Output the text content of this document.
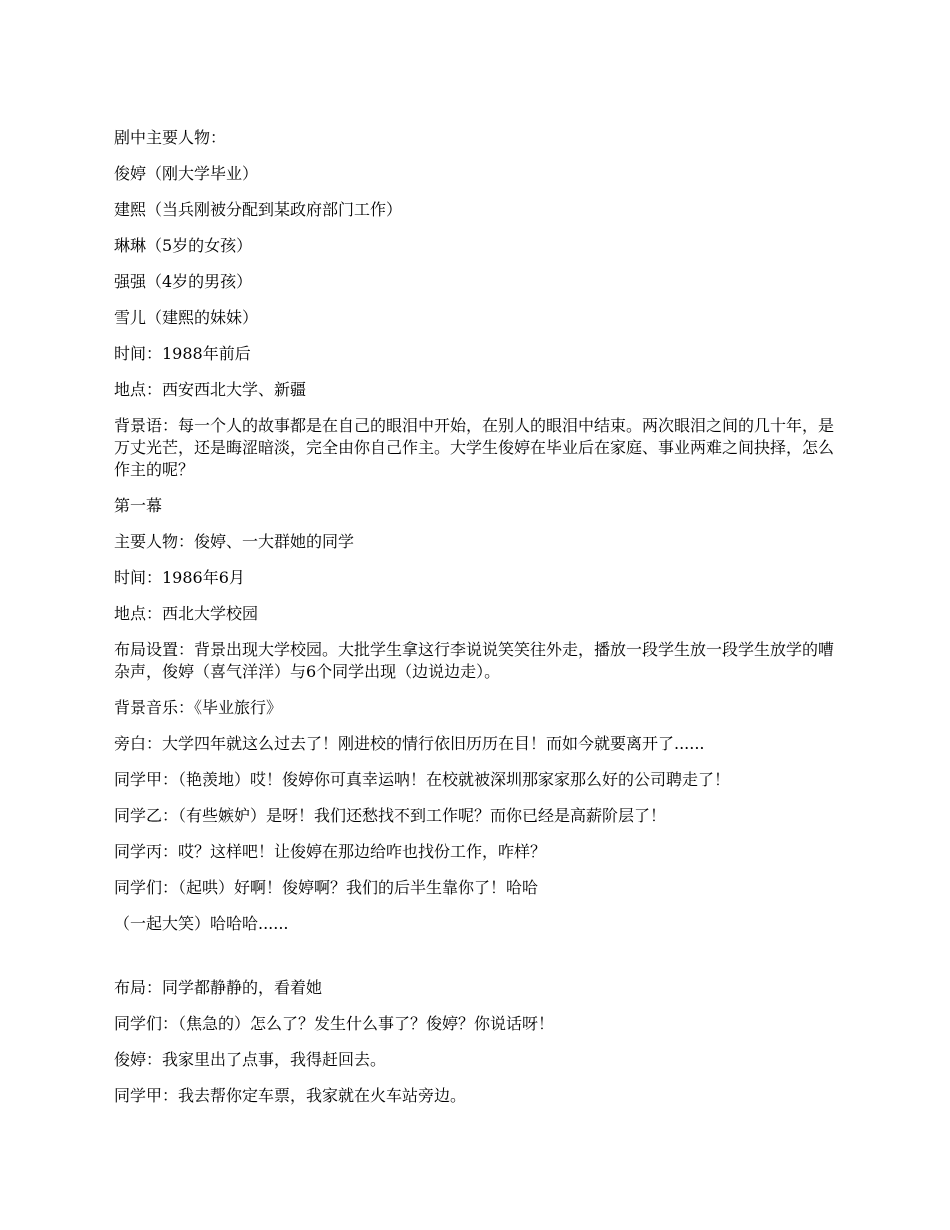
剧中主要人物：

俊婷（刚大学毕业）

建熙（当兵刚被分配到某政府部门工作）

琳琳（5岁的女孩）

强强（4岁的男孩）

雪儿（建熙的妹妹）

时间：1988年前后

地点：西安西北大学、新疆

背景语：每一个人的故事都是在自己的眼泪中开始，在别人的眼泪中结束。两次眼泪之间的几十年，是万丈光芒，还是晦涩暗淡，完全由你自己作主。大学生俊婷在毕业后在家庭、事业两难之间抉择，怎么作主的呢？

第一幕

主要人物：俊婷、一大群她的同学

时间：1986年6月

地点：西北大学校园

布局设置：背景出现大学校园。大批学生拿这行李说说笑笑往外走，播放一段学生放一段学生放学的嘈杂声，俊婷（喜气洋洋）与6个同学出现（边说边走）。

背景音乐：《毕业旅行》

旁白：大学四年就这么过去了！刚进校的情行依旧历历在目！而如今就要离开了......

同学甲：（艳羡地）哎！俊婷你可真幸运呐！在校就被深圳那家家那么好的公司聘走了！

同学乙：（有些嫉妒）是呀！我们还愁找不到工作呢？而你已经是高薪阶层了！

同学丙：哎？这样吧！让俊婷在那边给咋也找份工作，咋样？

同学们：（起哄）好啊！俊婷啊？我们的后半生靠你了！哈哈

（一起大笑）哈哈哈......

布局：同学都静静的，看着她

同学们：（焦急的）怎么了？发生什么事了？俊婷？你说话呀！

俊婷：我家里出了点事，我得赶回去。

同学甲：我去帮你定车票，我家就在火车站旁边。
